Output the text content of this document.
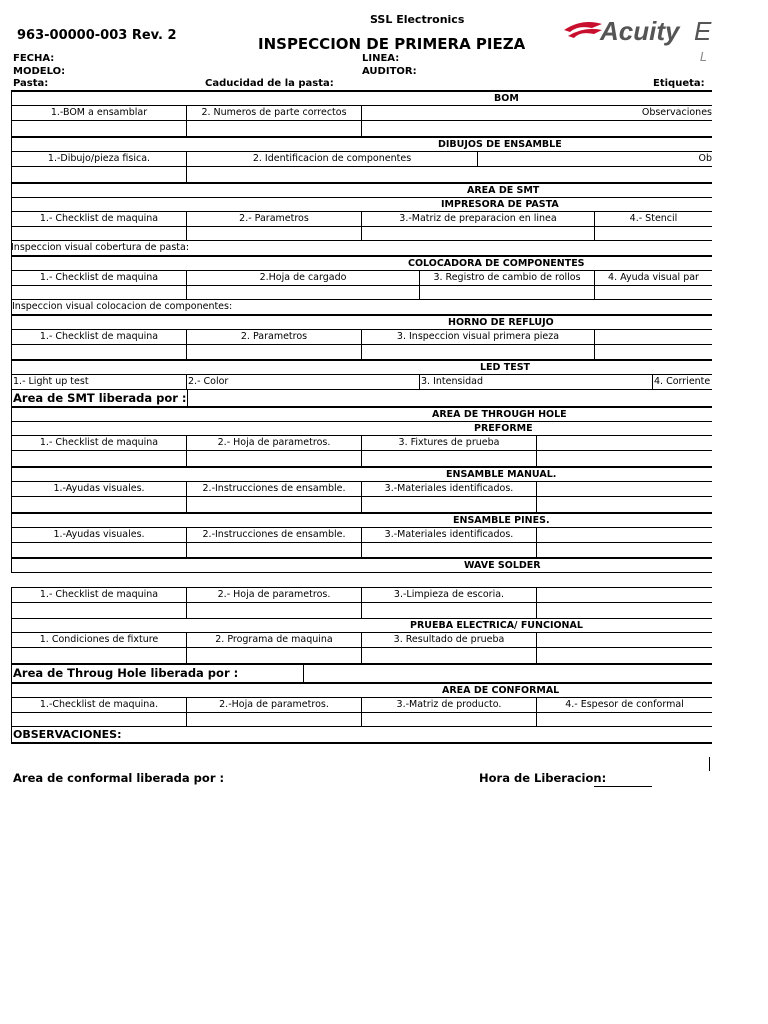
963-00000-003 Rev. 2
SSL Electronics
INSPECCION DE PRIMERA PIEZA	Acuity E
L
FECHA:
MODELO:
Pasta:
LINEA:
AUDITOR:
Caducidad de la pasta:	Etiqueta:
BOM
1.-BOM a ensamblar	2. Numeros de parte correctos	Observaciones
DIBUJOS DE ENSAMBLE
1.-Dibujo/pieza fisica.	2. Identificacion de componentes	Ob
AREA DE SMT
IMPRESORA DE PASTA
1.- Checklist de maquina	2.- Parametros	3.-Matriz de preparacion en linea	4.- Stencil
Inspeccion visual cobertura de pasta:
COLOCADORA DE COMPONENTES
1.- Checklist de maquina	2.Hoja de cargado	3. Registro de cambio de rollos	4. Ayuda visual par
Inspeccion visual colocacion de componentes:
HORNO DE REFLUJO
1.- Checklist de maquina	2. Parametros	3. Inspeccion visual primera pieza
LED TEST
1.- Light up test	2.- Color	3. Intensidad	4. Corriente
Area de SMT liberada por :
AREA DE THROUGH HOLE
PREFORME
1.- Checklist de maquina	2.- Hoja de parametros.	3. Fixtures de prueba
ENSAMBLE MANUAL.
1.-Ayudas visuales.	2.-Instrucciones de ensamble.	3.-Materiales identificados.
ENSAMBLE PINES.
1.-Ayudas visuales.	2.-Instrucciones de ensamble.	3.-Materiales identificados.
WAVE SOLDER
1.- Checklist de maquina	2.- Hoja de parametros.	3.-Limpieza de escoria.
PRUEBA ELECTRICA/ FUNCIONAL
1. Condiciones de fixture	2. Programa de maquina	3. Resultado de prueba
Area de Throug Hole liberada por :
AREA DE CONFORMAL
1.-Checklist de maquina.	2.-Hoja de parametros.	3.-Matriz de producto.	4.- Espesor de conformal
OBSERVACIONES:
Area de conformal liberada por :	Hora de Liberacion:
